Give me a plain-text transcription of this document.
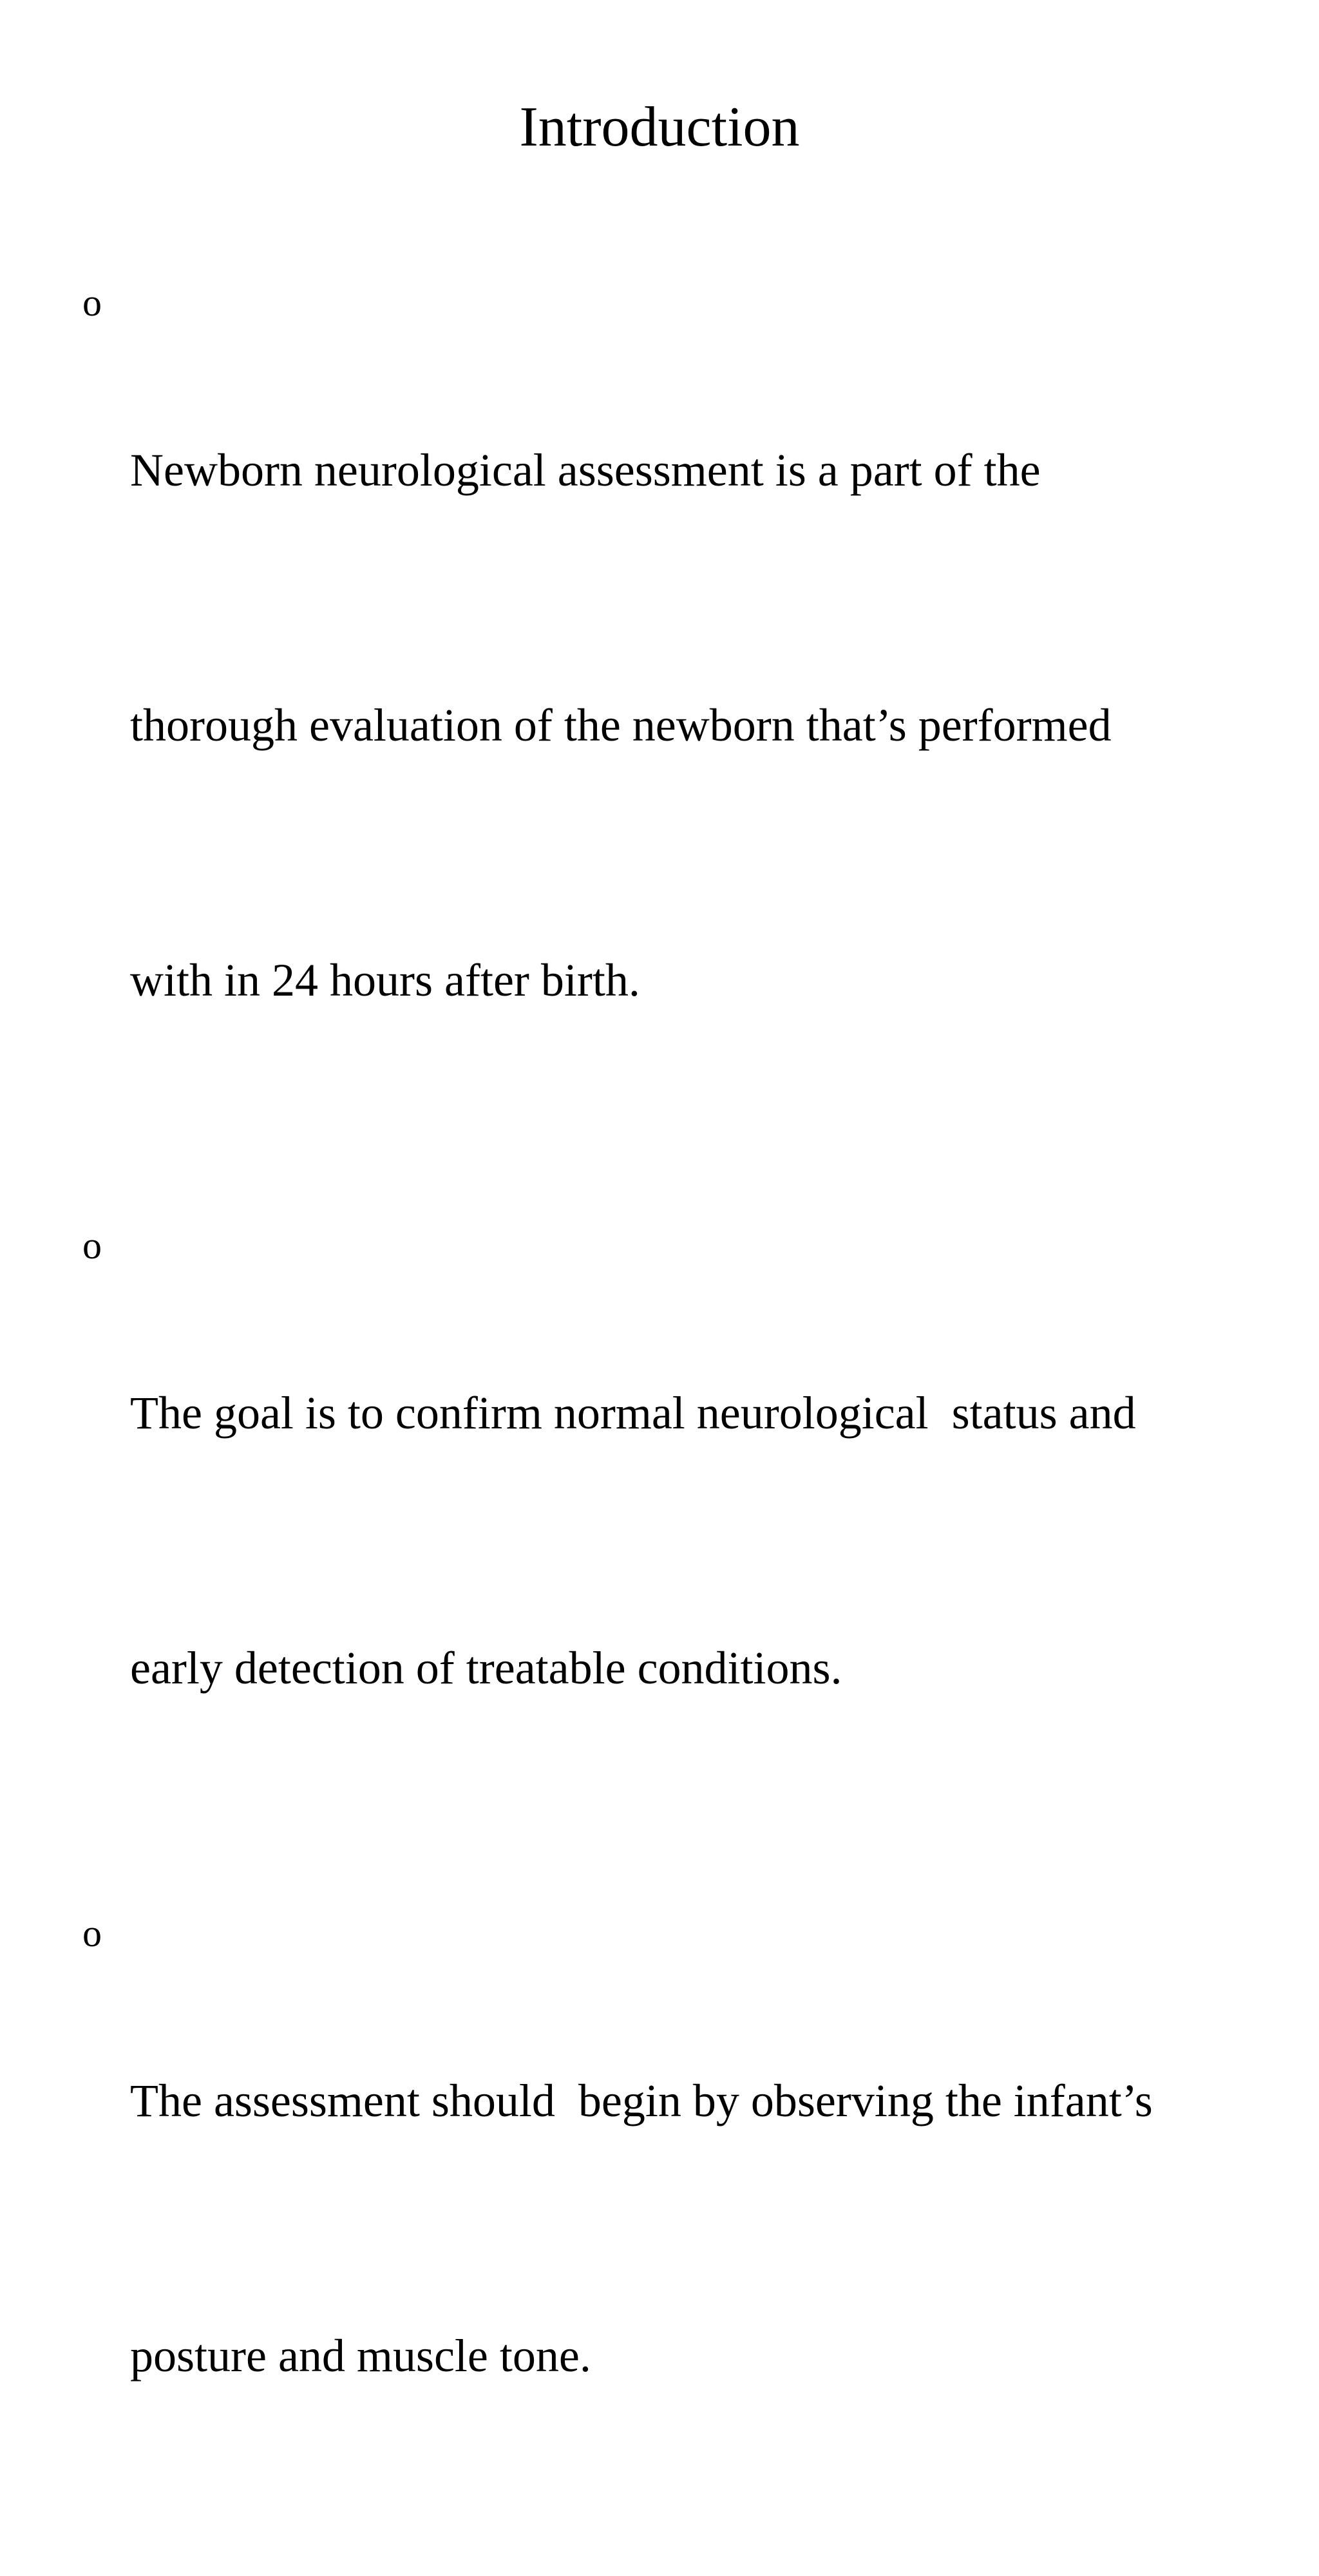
Introduction
o

Newborn neurological assessment is a part of the

thorough evaluation of the newborn that’s performed

with in 24 hours after birth.

o

The goal is to confirm normal neurological  status and

early detection of treatable conditions.

o

The assessment should  begin by observing the infant’s

posture and muscle tone.
